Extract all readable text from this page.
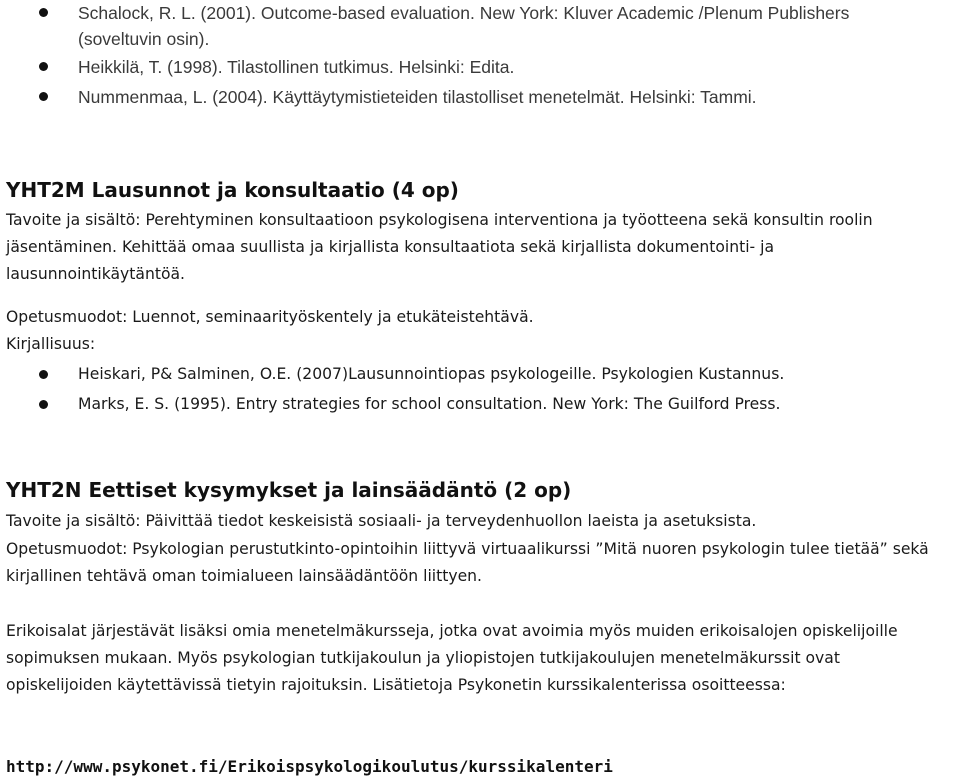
Schalock, R. L. (2001). Outcome-based evaluation. New York: Kluver Academic /Plenum Publishers (soveltuvin osin).
Heikkilä, T. (1998). Tilastollinen tutkimus. Helsinki: Edita.
Nummenmaa, L. (2004). Käyttäytymistieteiden tilastolliset menetelmät. Helsinki: Tammi.
YHT2M Lausunnot ja konsultaatio (4 op)

Tavoite ja sisältö: Perehtyminen konsultaatioon psykologisena interventiona ja työotteena sekä konsultin roolin jäsentäminen. Kehittää omaa suullista ja kirjallista konsultaatiota sekä kirjallista dokumentointi- ja lausunnointikäytäntöä.

Opetusmuodot: Luennot, seminaarityöskentely ja etukäteistehtävä.

Kirjallisuus:

Heiskari, P& Salminen, O.E. (2007)Lausunnointiopas psykologeille. Psykologien Kustannus.
Marks, E. S. (1995). Entry strategies for school consultation. New York: The Guilford Press.
YHT2N Eettiset kysymykset ja lainsäädäntö (2 op)

Tavoite ja sisältö: Päivittää tiedot keskeisistä sosiaali- ja terveydenhuollon laeista ja asetuksista.

Opetusmuodot: Psykologian perustutkinto-opintoihin liittyvä virtuaalikurssi ”Mitä nuoren psykologin tulee tietää” sekä kirjallinen tehtävä oman toimialueen lainsäädäntöön liittyen.

Erikoisalat järjestävät lisäksi omia menetelmäkursseja, jotka ovat avoimia myös muiden erikoisalojen opiskelijoille sopimuksen mukaan. Myös psykologian tutkijakoulun ja yliopistojen tutkijakoulujen menetelmäkurssit ovat opiskelijoiden käytettävissä tietyin rajoituksin. Lisätietoja Psykonetin kurssikalenterissa osoitteessa:

http://www.psykonet.fi/Erikoispsykologikoulutus/kurssikalenteri
